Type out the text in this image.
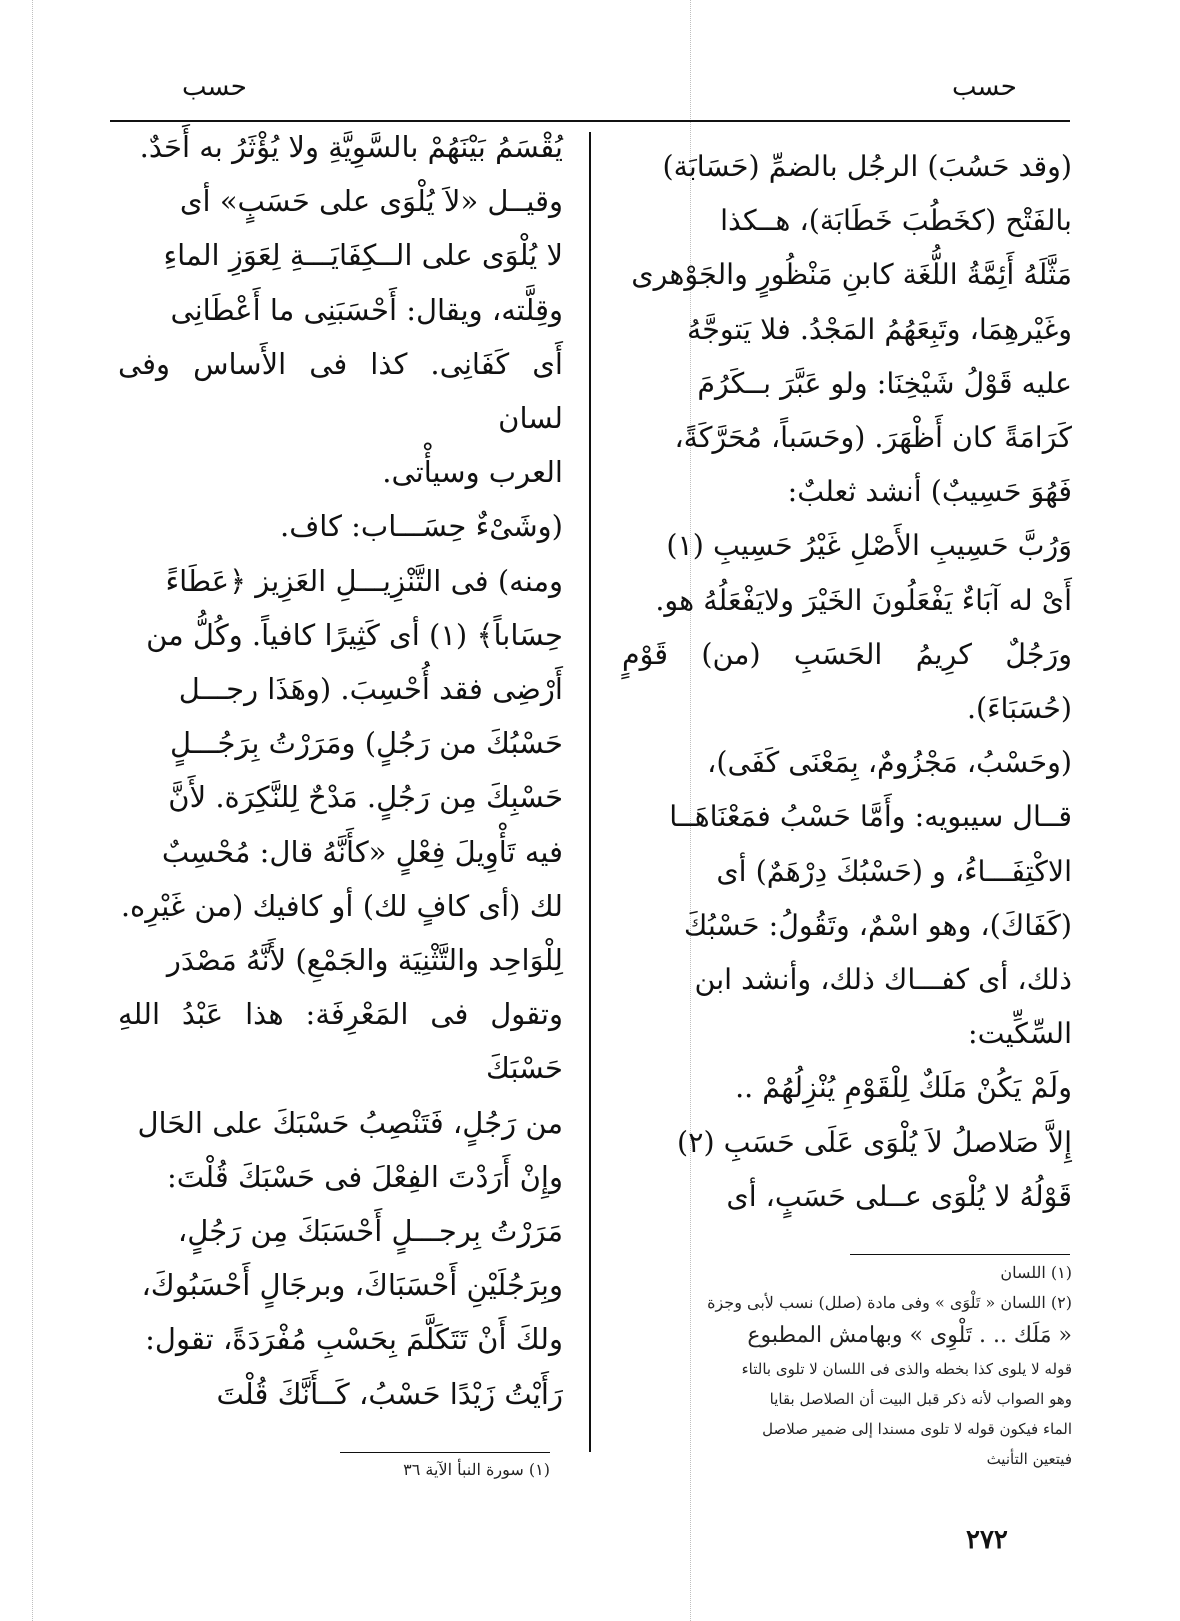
حسب
حسب

(وقد حَسُبَ) الرجُل بالضمِّ (حَسَابَة)

بالفَتْح (كخَطُبَ خَطَابَة)، هــكذا

مَثَّلَهُ أَئِمَّةُ اللُّغَة كابنِ مَنْظُورٍ والجَوْهرى

وغَيْرهِمَا، وتَبِعَهُمُ المَجْدُ. فلا يَتوجَّهُ

عليه قَوْلُ شَيْخِنَا: ولو عَبَّرَ بــكَرُمَ

كَرَامَةً كان أَظْهَرَ. (وحَسَباً، مُحَرَّكَةً،

فَهُوَ حَسِيبٌ) أنشد ثعلبٌ:

وَرُبَّ حَسِيبِ الأَصْلِ غَيْرُ حَسِيبِ (١)

أَىْ له آبَاءٌ يَفْعَلُونَ الخَيْرَ ولايَفْعَلُهُ هو.

ورَجُلٌ كرِيمُ الحَسَبِ (من) قَوْمٍ (حُسَبَاءَ).

(وحَسْبُ، مَجْزُومٌ، بِمَعْنَى كَفَى)،

قــال سيبويه: وأَمَّا حَسْبُ فمَعْنَاهَــا

الاكْتِفَـــاءُ، و (حَسْبُكَ دِرْهَمٌ) أى

(كَفَاكَ)، وهو اسْمٌ، وتَقُولُ: حَسْبُكَ

ذلك، أى كفـــاك ذلك، وأنشد ابن

السِّكِّيت:

ولَمْ يَكُنْ مَلَكٌ لِلْقَوْمِ يُنْزِلُهُمْ ..

إِلاَّ صَلاصلُ لاَ يُلْوَى عَلَى حَسَبِ (٢)

قَوْلُهُ لا يُلْوَى عــلى حَسَبٍ، أى

يُقْسَمُ بَيْنَهُمْ بالسَّوِيَّةِ ولا يُؤْثَرُ به أَحَدٌ.

وقيــل «لاَ يُلْوَى على حَسَبٍ» أى

لا يُلْوَى على الــكِفَايَـــةِ لِعَوَزِ الماءِ

وقِلَّته، ويقال: أَحْسَبَنِى ما أَعْطَانِى

أَى كَفَانِى. كذا فى الأَساس وفى لسان

العرب وسيأْتى.

(وشَىْءٌ حِسَـــاب: كاف.

ومنه) فى التَّنْزِيـــلِ العَزِيز ﴿عَطَاءً

حِسَاباً﴾ (١) أى كَثِيرًا كافياً. وكُلُّ من

أَرْضِى فقد أُحْسِبَ. (وهَذَا رجـــل

حَسْبُكَ من رَجُلٍ) ومَرَرْتُ بِرَجُـــلٍ

حَسْبِكَ مِن رَجُلٍ. مَدْحٌ لِلنَّكِرَة. لأَنَّ

فيه تَأْوِيلَ فِعْلٍ «كأَنَّهُ قال: مُحْسِبٌ

لك (أى كافٍ لك) أو كافيك (من غَيْرِه.

لِلْوَاحِد والتَّثْنِيَة والجَمْعِ) لأَنَّهُ مَصْدَر

وتقول فى المَعْرِفَة: هذا عَبْدُ اللهِ حَسْبَكَ

من رَجُلٍ، فَتَنْصِبُ حَسْبَكَ على الحَال

وإِنْ أَرَدْتَ الفِعْلَ فى حَسْبَكَ قُلْتَ:

مَرَرْتُ بِرجـــلٍ أَحْسَبَكَ مِن رَجُلٍ،

وبِرَجُلَيْنِ أَحْسَبَاكَ، وبرجَالٍ أَحْسَبُوكَ،

ولكَ أَنْ تَتَكَلَّمَ بِحَسْبِ مُفْرَدَةً، تقول:

رَأَيْتُ زَيْدًا حَسْبُ، كَــأَنَّكَ قُلْتَ

(١) اللسان
(٢) اللسان « تَلْوَى » وفى مادة (صلل) نسب لأبى وجزة
« مَلَك .. . تَلْوِى » وبهامش المطبوع
قوله لا يلوى كذا بخطه والذى فى اللسان لا تلوى بالتاء
وهو الصواب لأنه ذكر قبل البيت أن الصلاصل بقايا
الماء فيكون قوله لا تلوى مسندا إلى ضمير صلاصل
فيتعين التأنيث
(١) سورة النبأ الآية ٣٦
٢٧٢
